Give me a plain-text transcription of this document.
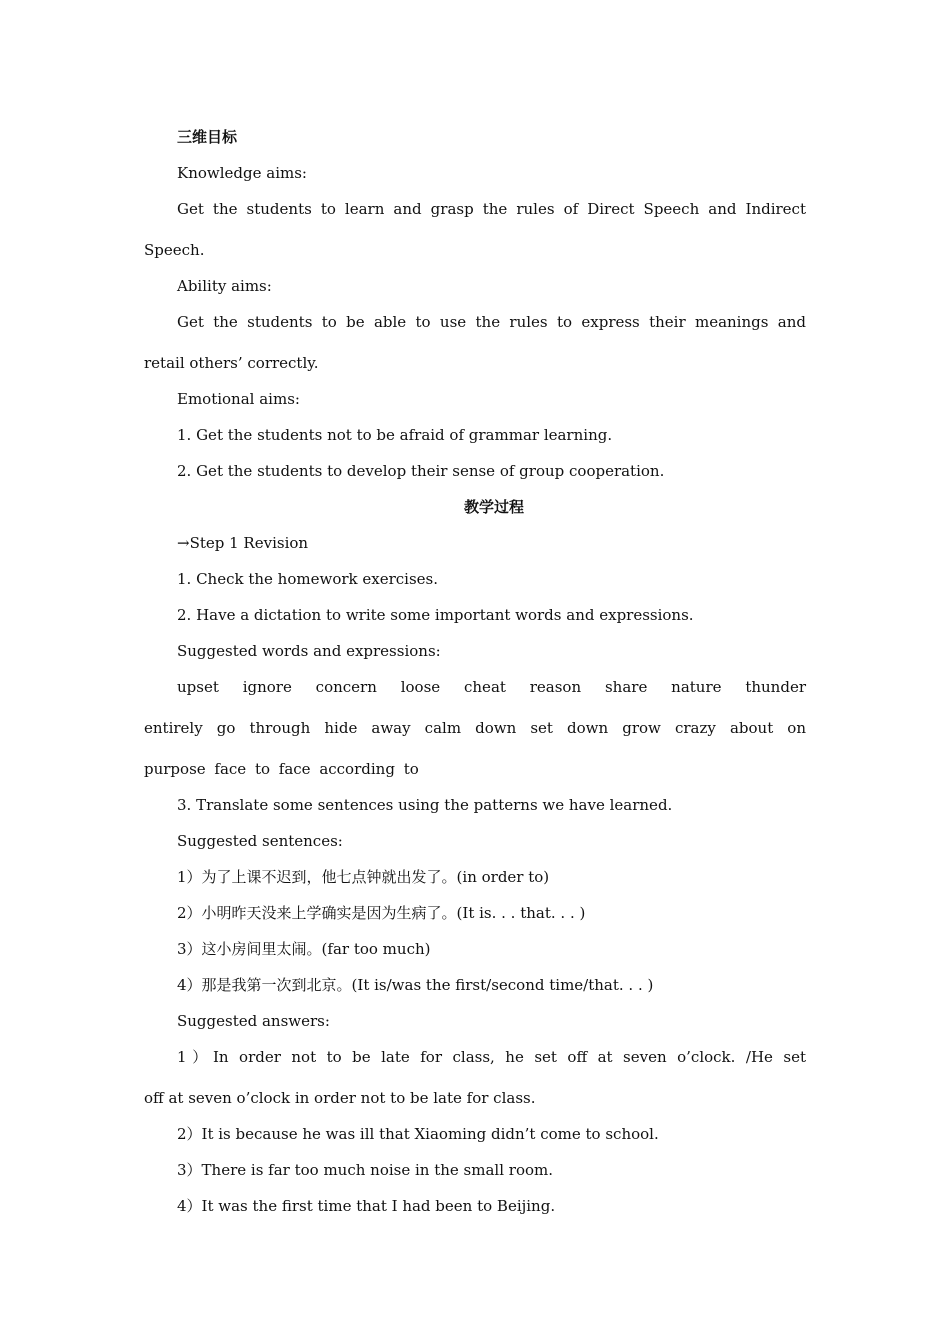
三维目标
Knowledge aims:
Get the students to learn and grasp the rules of Direct Speech and Indirect
Speech.
Ability aims:
Get the students to be able to use the rules to express their meanings and
retail others’ correctly.
Emotional aims:
1. Get the students not to be afraid of grammar learning.
2. Get the students to develop their sense of group cooperation.
教学过程
→Step 1 Revision
1. Check the homework exercises.
2. Have a dictation to write some important words and expressions.
Suggested words and expressions:
upset ignore concern loose cheat reason share nature thunder
entirely go through hide away calm down set down grow crazy about on
purpose face to face according to
3. Translate some sentences using the patterns we have learned.
Suggested sentences:
1）为了上课不迟到，他七点钟就出发了。(in order to)
2）小明昨天没来上学确实是因为生病了。(It is. . . that. . . )
3）这小房间里太闹。(far too much)
4）那是我第一次到北京。(It is/was the first/second time/that. . . )
Suggested answers:
1）In order not to be late for class, he set off at seven o’clock. /He set
off at seven o’clock in order not to be late for class.
2）It is because he was ill that Xiaoming didn’t come to school.
3）There is far too much noise in the small room.
4）It was the first time that I had been to Beijing.
